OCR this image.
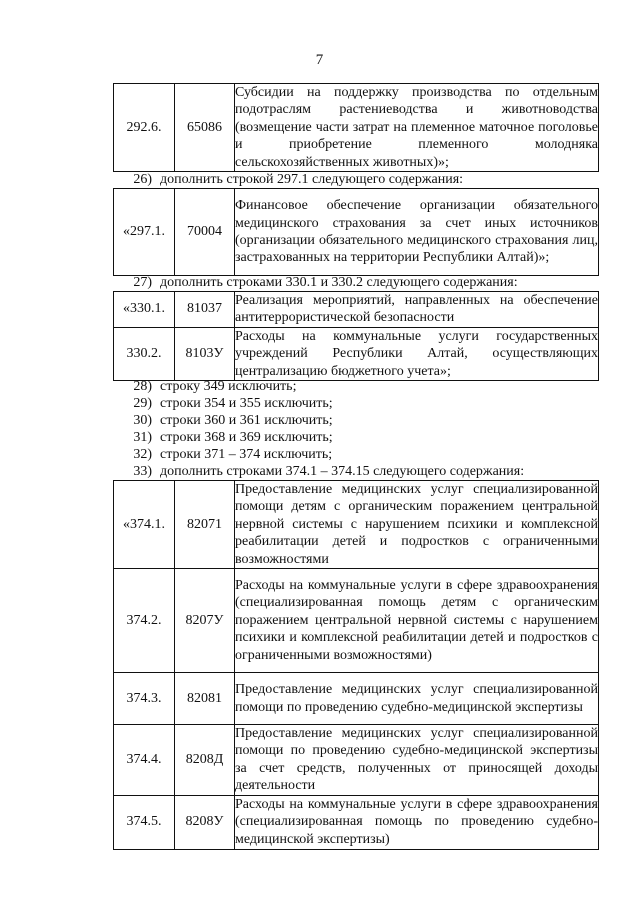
7
292.6.	65086	Субсидии на поддержку производства по отдельным подотраслям растениеводства и животноводства (возмещение части затрат на племенное маточное поголовье и приобретение племенного молодняка сельскохозяйственных животных)»;
26) дополнить строкой 297.1 следующего содержания:
«297.1.	70004	Финансовое обеспечение организации обязательного медицинского страхования за счет иных источников (организации обязательного медицинского страхования лиц, застрахованных на территории Республики Алтай)»;
27) дополнить строками 330.1 и 330.2 следующего содержания:
«330.1.	81037	Реализация мероприятий, направленных на обеспечение антитеррористической безопасности
330.2.	8103У	Расходы на коммунальные услуги государственных учреждений Республики Алтай, осуществляющих централизацию бюджетного учета»;
28) строку 349 исключить;
29) строки 354 и 355 исключить;
30) строки 360 и 361 исключить;
31) строки 368 и 369 исключить;
32) строки 371 – 374 исключить;
33) дополнить строками 374.1 – 374.15 следующего содержания:
«374.1.	82071	Предоставление медицинских услуг специализированной помощи детям с органическим поражением центральной нервной системы с нарушением психики и комплексной реабилитации детей и подростков с ограниченными возможностями
374.2.	8207У	Расходы на коммунальные услуги в сфере здравоохранения (специализированная помощь детям с органическим поражением центральной нервной системы с нарушением психики и комплексной реабилитации детей и подростков с ограниченными возможностями)
374.3.	82081	Предоставление медицинских услуг специализированной помощи по проведению судебно-медицинской экспертизы
374.4.	8208Д	Предоставление медицинских услуг специализированной помощи по проведению судебно-медицинской экспертизы за счет средств, полученных от приносящей доходы деятельности
374.5.	8208У	Расходы на коммунальные услуги в сфере здравоохранения (специализированная помощь по проведению судебно-медицинской экспертизы)
